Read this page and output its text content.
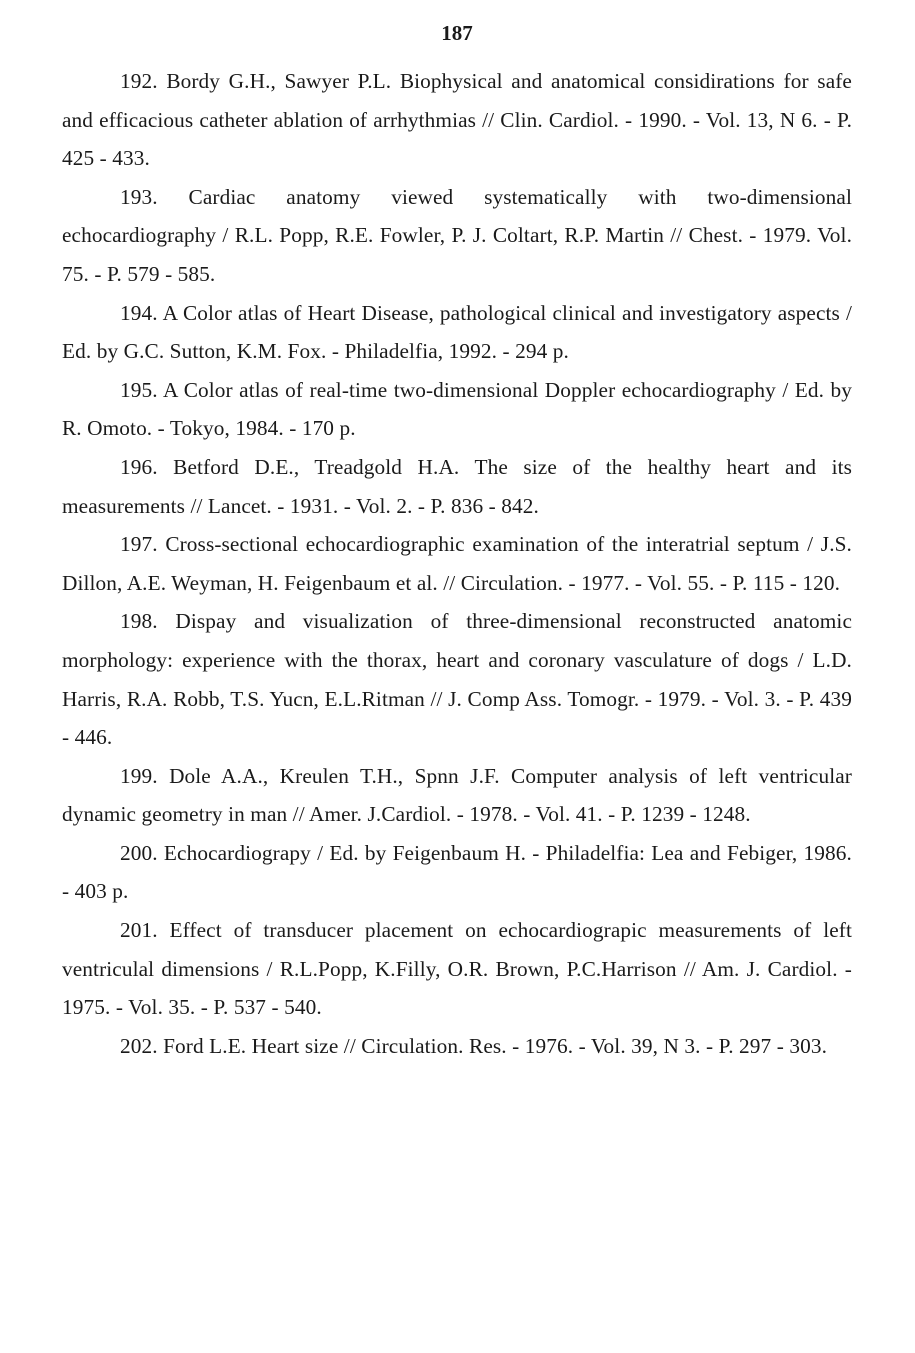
187

192. Bordy G.H., Sawyer P.L. Biophysical and anatomical considirations for safe and efficacious catheter ablation of arrhythmias // Clin. Cardiol. - 1990. - Vol. 13, N 6. - P. 425 - 433.

193. Cardiac anatomy viewed systematically with two-dimensional echocardiography / R.L. Popp, R.E. Fowler, P. J. Coltart, R.P. Martin // Chest. - 1979. Vol. 75. - P. 579 - 585.

194. A Color atlas of Heart Disease, pathological clinical and investigatory aspects / Ed. by G.C. Sutton, K.M. Fox. - Philadelfia, 1992. - 294 p.

195. A Color atlas of real-time two-dimensional Doppler echocardiography / Ed. by R. Omoto. - Tokyo, 1984. - 170 p.

196. Betford D.E., Treadgold H.A. The size of the healthy heart and its measurements // Lancet. - 1931. - Vol. 2. - P. 836 - 842.

197. Cross-sectional echocardiographic examination of the interatrial septum / J.S. Dillon, A.E. Weyman, H. Feigenbaum et al. // Circulation. - 1977. - Vol. 55. - P. 115 - 120.

198. Dispay and visualization of three-dimensional reconstructed anatomic morphology: experience with the thorax, heart and coronary vasculature of dogs / L.D. Harris, R.A. Robb, T.S. Yucn, E.L.Ritman // J. Comp Ass. Tomogr. - 1979. - Vol. 3. - P. 439 - 446.

199. Dole A.A., Kreulen T.H., Spnn J.F. Computer analysis of left ventricular dynamic geometry in man // Amer. J.Cardiol. - 1978. - Vol. 41. - P. 1239 - 1248.

200. Echocardiograpy / Ed. by Feigenbaum H. - Philadelfia: Lea and Febiger, 1986. - 403 p.

201. Effect of transducer placement on echocardiograpic measurements of left ventriculal dimensions / R.L.Popp, K.Filly, O.R. Brown, P.C.Harrison // Am. J. Cardiol. - 1975. - Vol. 35. - P. 537 - 540.

202. Ford L.E. Heart size // Circulation. Res. - 1976. - Vol. 39, N 3. - P. 297 - 303.
